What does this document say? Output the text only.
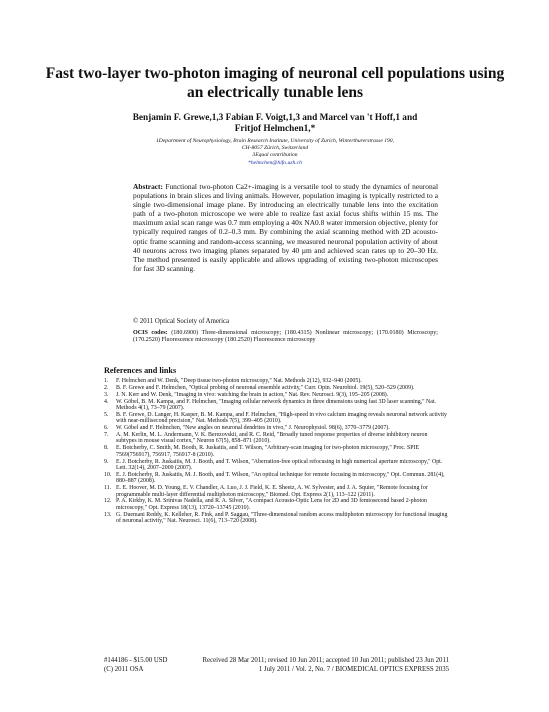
Fast two-layer two-photon imaging of neuronal cell populations using an electrically tunable lens
Benjamin F. Grewe,1,3 Fabian F. Voigt,1,3 and Marcel van 't Hoff,1 and
Fritjof Helmchen1,*
1Department of Neurophysiology, Brain Research Institute, University of Zurich, Winterthurerstrasse 190,
CH-8057 Zürich, Switzerland
3Equal contribution
*helmchen@hifo.uzh.ch
Abstract: Functional two-photon Ca2+-imaging is a versatile tool to study the dynamics of neuronal populations in brain slices and living animals. However, population imaging is typically restricted to a single two-dimensional image plane. By introducing an electrically tunable lens into the excitation path of a two-photon microscope we were able to realize fast axial focus shifts within 15 ms. The maximum axial scan range was 0.7 mm employing a 40x NA0.8 water immersion objective, plenty for typically required ranges of 0.2–0.3 mm. By combining the axial scanning method with 2D acousto-optic frame scanning and random-access scanning, we measured neuronal population activity of about 40 neurons across two imaging planes separated by 40 µm and achieved scan rates up to 20–30 Hz. The method presented is easily applicable and allows upgrading of existing two-photon microscopes for fast 3D scanning.
© 2011 Optical Society of America
OCIS codes: (180.6900) Three-dimensional microscopy; (180.4315) Nonlinear microscopy; (170.0180) Microscopy; (170.2520) Fluorescence microscopy (180.2520) Fluorescence microscopy
References and links
1.	F. Helmchen and W. Denk, "Deep tissue two-photon microscopy," Nat. Methods 2(12), 932–940 (2005).
2.	B. F. Grewe and F. Helmchen, "Optical probing of neuronal ensemble activity," Curr. Opin. Neurobiol. 19(5), 520–529 (2009).
3.	J. N. Kerr and W. Denk, "Imaging in vivo: watching the brain in action," Nat. Rev. Neurosci. 9(3), 195–205 (2008).
4.	W. Göbel, B. M. Kampa, and F. Helmchen, "Imaging cellular network dynamics in three dimensions using fast 3D laser scanning," Nat. Methods 4(1), 73–79 (2007).
5.	B. F. Grewe, D. Langer, H. Kasper, B. M. Kampa, and F. Helmchen, "High-speed in vivo calcium imaging reveals neuronal network activity with near-millisecond precision," Nat. Methods 7(5), 399–405 (2010).
6.	W. Göbel and F. Helmchen, "New angles on neuronal dendrites in vivo," J. Neurophysiol. 98(6), 3770–3779 (2007).
7.	A. M. Kerlin, M. L. Andermann, V. K. Berezovskii, and R. C. Reid, "Broadly tuned response properties of diverse inhibitory neuron subtypes in mouse visual cortex," Neuron 67(5), 858–871 (2010).
8.	E. Botcherby, C. Smith, M. Booth, R. Juskaitis, and T. Wilson, "Arbitrary-scan imaging for two-photon microscopy," Proc. SPIE 7569(756917), 756917, 756917-8 (2010).
9.	E. J. Botcherby, R. Juskaitis, M. J. Booth, and T. Wilson, "Aberration-free optical refocusing in high numerical aperture microscopy," Opt. Lett. 32(14), 2007–2009 (2007).
10. E. J. Botcherby, R. Juskaitis, M. J. Booth, and T. Wilson, "An optical technique for remote focusing in microscopy," Opt. Commun. 281(4), 880–887 (2008).
11. E. E. Hoover, M. D. Young, E. V. Chandler, A. Luo, J. J. Field, K. E. Sheetz, A. W. Sylvester, and J. A. Squier, "Remote focusing for programmable multi-layer differential multiphoton microscopy," Biomed. Opt. Express 2(1), 113–122 (2011).
12. P. A. Kirkby, K. M. Srinivas Nadella, and R. A. Silver, "A compact Acousto-Optic Lens for 2D and 3D femtosecond based 2-photon microscopy," Opt. Express 18(13), 13720–13745 (2010).
13. G. Duemani Reddy, K. Kelleher, R. Fink, and P. Saggau, "Three-dimensional random access multiphoton microscopy for functional imaging of neuronal activity," Nat. Neurosci. 11(6), 713–720 (2008).
#144186 - $15.00 USD	Received 28 Mar 2011; revised 10 Jun 2011; accepted 10 Jun 2011; published 23 Jun 2011
(C) 2011 OSA	1 July 2011 / Vol. 2, No. 7 / BIOMEDICAL OPTICS EXPRESS 2035
